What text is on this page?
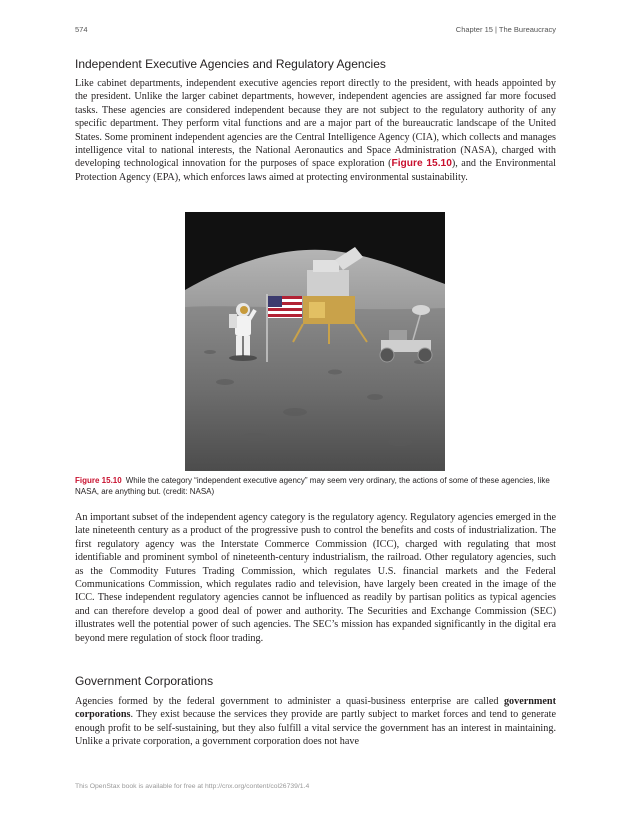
574	Chapter 15 | The Bureaucracy
Independent Executive Agencies and Regulatory Agencies

Like cabinet departments, independent executive agencies report directly to the president, with heads appointed by the president. Unlike the larger cabinet departments, however, independent agencies are assigned far more focused tasks. These agencies are considered independent because they are not subject to the regulatory authority of any specific department. They perform vital functions and are a major part of the bureaucratic landscape of the United States. Some prominent independent agencies are the Central Intelligence Agency (CIA), which collects and manages intelligence vital to national interests, the National Aeronautics and Space Administration (NASA), charged with developing technological innovation for the purposes of space exploration (Figure 15.10), and the Environmental Protection Agency (EPA), which enforces laws aimed at protecting environmental sustainability.

Figure 15.10 While the category “independent executive agency” may seem very ordinary, the actions of some of these agencies, like NASA, are anything but. (credit: NASA)

An important subset of the independent agency category is the regulatory agency. Regulatory agencies emerged in the late nineteenth century as a product of the progressive push to control the benefits and costs of industrialization. The first regulatory agency was the Interstate Commerce Commission (ICC), charged with regulating that most identifiable and prominent symbol of nineteenth-century industrialism, the railroad. Other regulatory agencies, such as the Commodity Futures Trading Commission, which regulates U.S. financial markets and the Federal Communications Commission, which regulates radio and television, have largely been created in the image of the ICC. These independent regulatory agencies cannot be influenced as readily by partisan politics as typical agencies and can therefore develop a good deal of power and authority. The Securities and Exchange Commission (SEC) illustrates well the potential power of such agencies. The SEC’s mission has expanded significantly in the digital era beyond mere regulation of stock floor trading.

Government Corporations

Agencies formed by the federal government to administer a quasi-business enterprise are called government corporations. They exist because the services they provide are partly subject to market forces and tend to generate enough profit to be self-sustaining, but they also fulfill a vital service the government has an interest in maintaining. Unlike a private corporation, a government corporation does not have

This OpenStax book is available for free at http://cnx.org/content/col26739/1.4
